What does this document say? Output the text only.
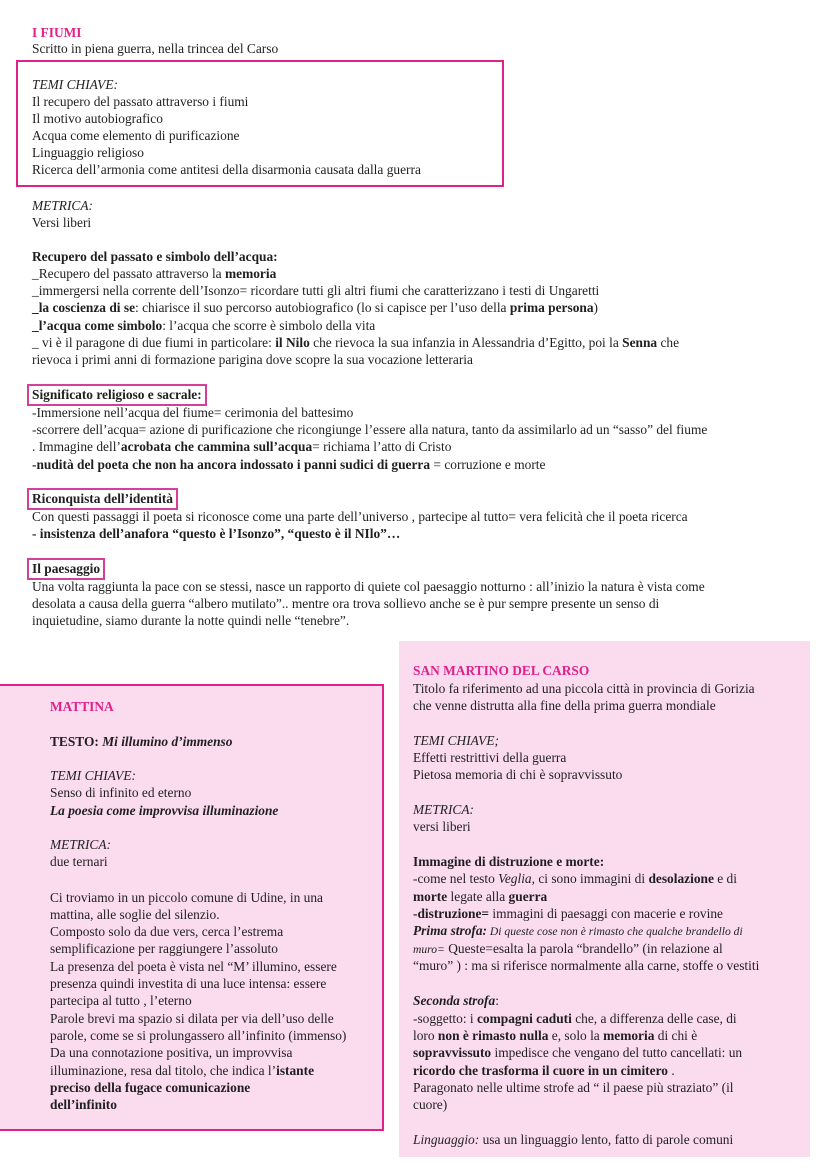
I FIUMI
Scritto in piena guerra, nella trincea del Carso
TEMI CHIAVE:
Il recupero del passato attraverso i fiumi
Il motivo autobiografico
Acqua come elemento di purificazione
Linguaggio religioso
Ricerca dell’armonia come antitesi della disarmonia causata dalla guerra
METRICA:
Versi liberi
Recupero del passato e simbolo dell’acqua:
_Recupero del passato attraverso la memoria
_immergersi nella corrente dell’Isonzo= ricordare tutti gli altri fiumi che caratterizzano i testi di Ungaretti
_la coscienza di se: chiarisce il suo percorso autobiografico (lo si capisce per l’uso della prima persona)
_l’acqua come simbolo: l’acqua che scorre è simbolo della vita
_ vi è il paragone di due fiumi in particolare: il Nilo che rievoca la sua infanzia in Alessandria d’Egitto, poi la Senna che
rievoca i primi anni di formazione parigina dove scopre la sua vocazione letteraria
Significato religioso e sacrale:
-Immersione nell’acqua del fiume= cerimonia del battesimo
-scorrere dell’acqua= azione di purificazione che ricongiunge l’essere alla natura, tanto da assimilarlo ad un “sasso” del fiume
. Immagine dell’acrobata che cammina sull’acqua= richiama l’atto di Cristo
-nudità del poeta che non ha ancora indossato i panni sudici di guerra = corruzione e morte
Riconquista dell’identità
Con questi passaggi il poeta si riconosce come una parte dell’universo , partecipe al tutto= vera felicità che il poeta ricerca
- insistenza dell’anafora “questo è l’Isonzo”, “questo è il NIlo”…
Il paesaggio
Una volta raggiunta la pace con se stessi, nasce un rapporto di quiete col paesaggio notturno : all’inizio la natura è vista come
desolata a causa della guerra “albero mutilato”.. mentre ora trova sollievo anche se è pur sempre presente un senso di
inquietudine, siamo durante la notte quindi nelle “tenebre”.
MATTINA
TESTO: Mi illumino d’immenso
TEMI CHIAVE:
Senso di infinito ed eterno
La poesia come improvvisa illuminazione
METRICA:
due ternari
Ci troviamo in un piccolo comune di Udine, in una
mattina, alle soglie del silenzio.
Composto solo da due vers, cerca l’estrema
semplificazione per raggiungere l’assoluto
La presenza del poeta è vista nel “M’ illumino, essere
presenza quindi investita di una luce intensa: essere
partecipa al tutto , l’eterno
Parole brevi ma spazio si dilata per via dell’uso delle
parole, come se si prolungassero all’infinito (immenso)
Da una connotazione positiva, un improvvisa
illuminazione, resa dal titolo, che indica l’istante
preciso della fugace comunicazione
dell’infinito
SAN MARTINO DEL CARSO
Titolo fa riferimento ad una piccola città in provincia di Gorizia
che venne distrutta alla fine della prima guerra mondiale
TEMI CHIAVE;
Effetti restrittivi della guerra
Pietosa memoria di chi è sopravvissuto
METRICA:
versi liberi
Immagine di distruzione e morte:
-come nel testo Veglia, ci sono immagini di desolazione e di
morte legate alla guerra
-distruzione= immagini di paesaggi con macerie e rovine
Prima strofa: Di queste cose non è rimasto che qualche brandello di
muro= Queste=esalta la parola “brandello” (in relazione al
“muro” ) : ma si riferisce normalmente alla carne, stoffe o vestiti
Seconda strofa:
-soggetto: i compagni caduti che, a differenza delle case, di
loro non è rimasto nulla e, solo la memoria di chi è
sopravvissuto impedisce che vengano del tutto cancellati: un
ricordo che trasforma il cuore in un cimitero .
Paragonato nelle ultime strofe ad “ il paese più straziato” (il
cuore)
Linguaggio: usa un linguaggio lento, fatto di parole comuni
